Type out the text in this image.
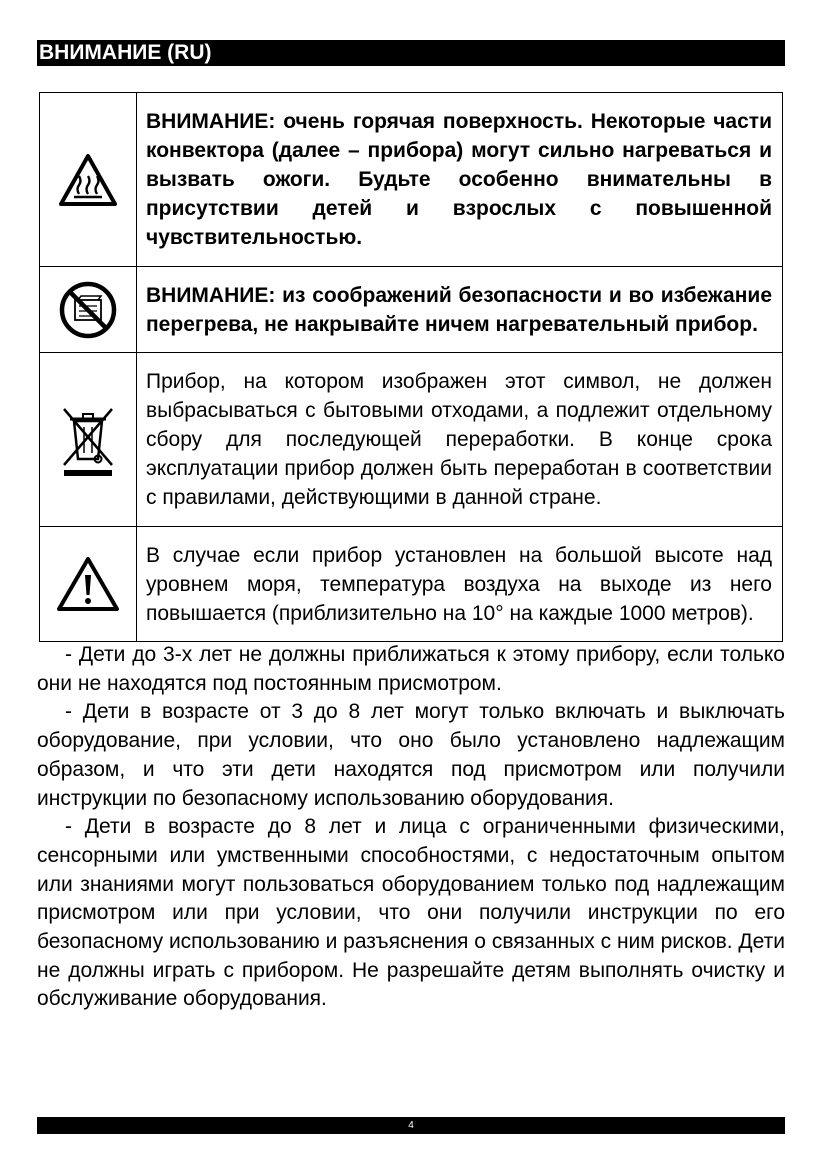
ВНИМАНИЕ (RU)
	ВНИМАНИЕ: очень горячая поверхность. Некоторые части конвектора (далее – прибора) могут сильно нагреваться и вызвать ожоги. Будьте особенно внимательны в присутствии детей и взрослых с повышенной чувствительностью.

	ВНИМАНИЕ: из соображений безопасности и во избежание перегрева, не накрывайте ничем нагревательный прибор.

	Прибор, на котором изображен этот символ, не должен выбрасываться с бытовыми отходами, а подлежит отдельному сбору для последующей переработки. В конце срока эксплуатации прибор должен быть переработан в соответствии с правилами, действующими в данной стране.

	В случае если прибор установлен на большой высоте над уровнем моря, температура воздуха на выходе из него повышается (приблизительно на 10° на каждые 1000 метров).

- Дети до 3-х лет не должны приближаться к этому прибору, если только они не находятся под постоянным присмотром.

- Дети в возрасте от 3 до 8 лет могут только включать и выключать оборудование, при условии, что оно было установлено надлежащим образом, и что эти дети находятся под присмотром или получили инструкции по безопасному использованию оборудования.

- Дети в возрасте до 8 лет и лица с ограниченными физическими, сенсорными или умственными способностями, с недостаточным опытом или знаниями могут пользоваться оборудованием только под надлежащим присмотром или при условии, что они получили инструкции по его безопасному использованию и разъяснения о связанных с ним рисков. Дети не должны играть с прибором. Не разрешайте детям выполнять очистку и обслуживание оборудования.

4
